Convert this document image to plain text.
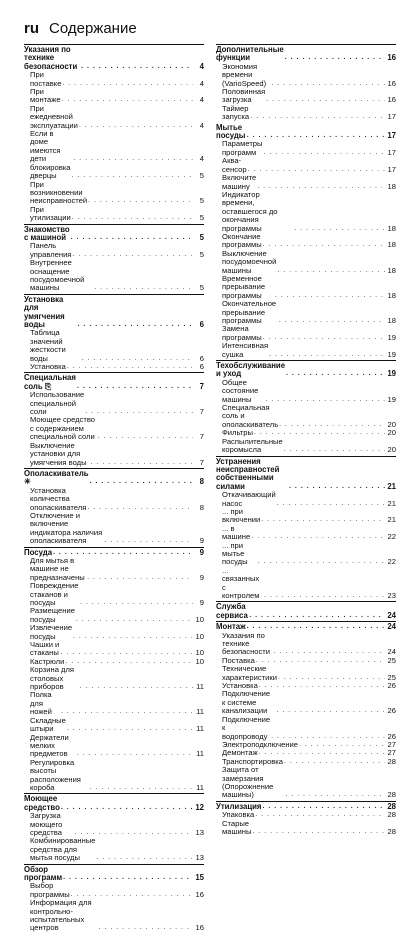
ru Содержание
Указания по технике безопасности . . .	4
При поставке . . .	4
При монтаже . . .	4
При ежедневной эксплуатации . . .	4
Если в доме имеются дети . . .	4
блокировка дверцы . . .	5
При возникновении неисправностей . . .	5
При утилизации . . .	5
Знакомство с машиной . . .	5
Панель управления . . .	5
Внутреннее оснащение посудомоечной машины . . .	5
Установка для умягчения воды . . .	6
Таблица значений жесткости воды . . .	6
Установка . . .	6
Специальная соль ⎘ . . .	7
Использование специальной соли . . .	7
Моющее средство с содержанием специальной соли . . .	7
Выключение установки для умягчения воды . . .	7
Ополаскиватель ✳ . . .	8
Установка количества ополаскивателя . . .	8
Отключение и включение индикатора наличия ополаскивателя . . .	9
Посуда . . .	9
Для мытья в машине не предназначены . . .	9
Повреждение стаканов и посуды . . .	9
Размещение посуды . . .	10
Извлечение посуды . . .	10
Чашки и стаканы . . .	10
Кастрюли . . .	10
Корзина для столовых приборов . . .	11
Полка для ножей . . .	11
Складные штыри . . .	11
Держатели мелких предметов . . .	11
Регулировка высоты расположения короба . . .	11
Моющее средство . . .	12
Загрузка моющего средства . . .	13
Комбинированные средства для мытья посуды . . .	13
Обзор программ . . .	15
Выбор программы . . .	16
Информация для контрольно-испытательных центров . . .	16
Дополнительные функции . . .	16
Экономия времени (VarioSpeed) . . .	16
Половинная загрузка . . .	16
Таймер запуска . . .	17
Мытье посуды . . .	17
Параметры программ . . .	17
Аква-сенсор . . .	17
Включите машину . . .	18
Индикатор времени, оставшегося до окончания программы . . .	18
Окончание программы . . .	18
Выключение посудомоечной машины . . .	18
Временное прерывание программы . . .	18
Окончательное прерывание программы . . .	18
Замена программы . . .	19
Интенсивная сушка . . .	19
Техобслуживание и уход . . .	19
Общее состояние машины . . .	19
Специальная соль и ополаскиватель . . .	20
Фильтры . . .	20
Распылительные коромысла . . .	20
Устранения неисправностей собственными силами . . .	21
Откачивающий насос . . .	21
... при включении . . .	21
... в машине . . .	22
... при мытье посуды . . .	22
... связанных с контролем . . .	23
Служба сервиса . . .	24
Монтаж . . .	24
Указания по технике безопасности . . .	24
Поставка . . .	25
Технические характеристики . . .	25
Установка . . .	26
Подключение к системе канализации . . .	26
Подключение к водопроводу . . .	26
Электроподключение . . .	27
Демонтаж . . .	27
Транспортировка . . .	28
Защита от замерзания (Опорожнение машины) . . .	28
Утилизация . . .	28
Упаковка . . .	28
Старые машины . . .	28
